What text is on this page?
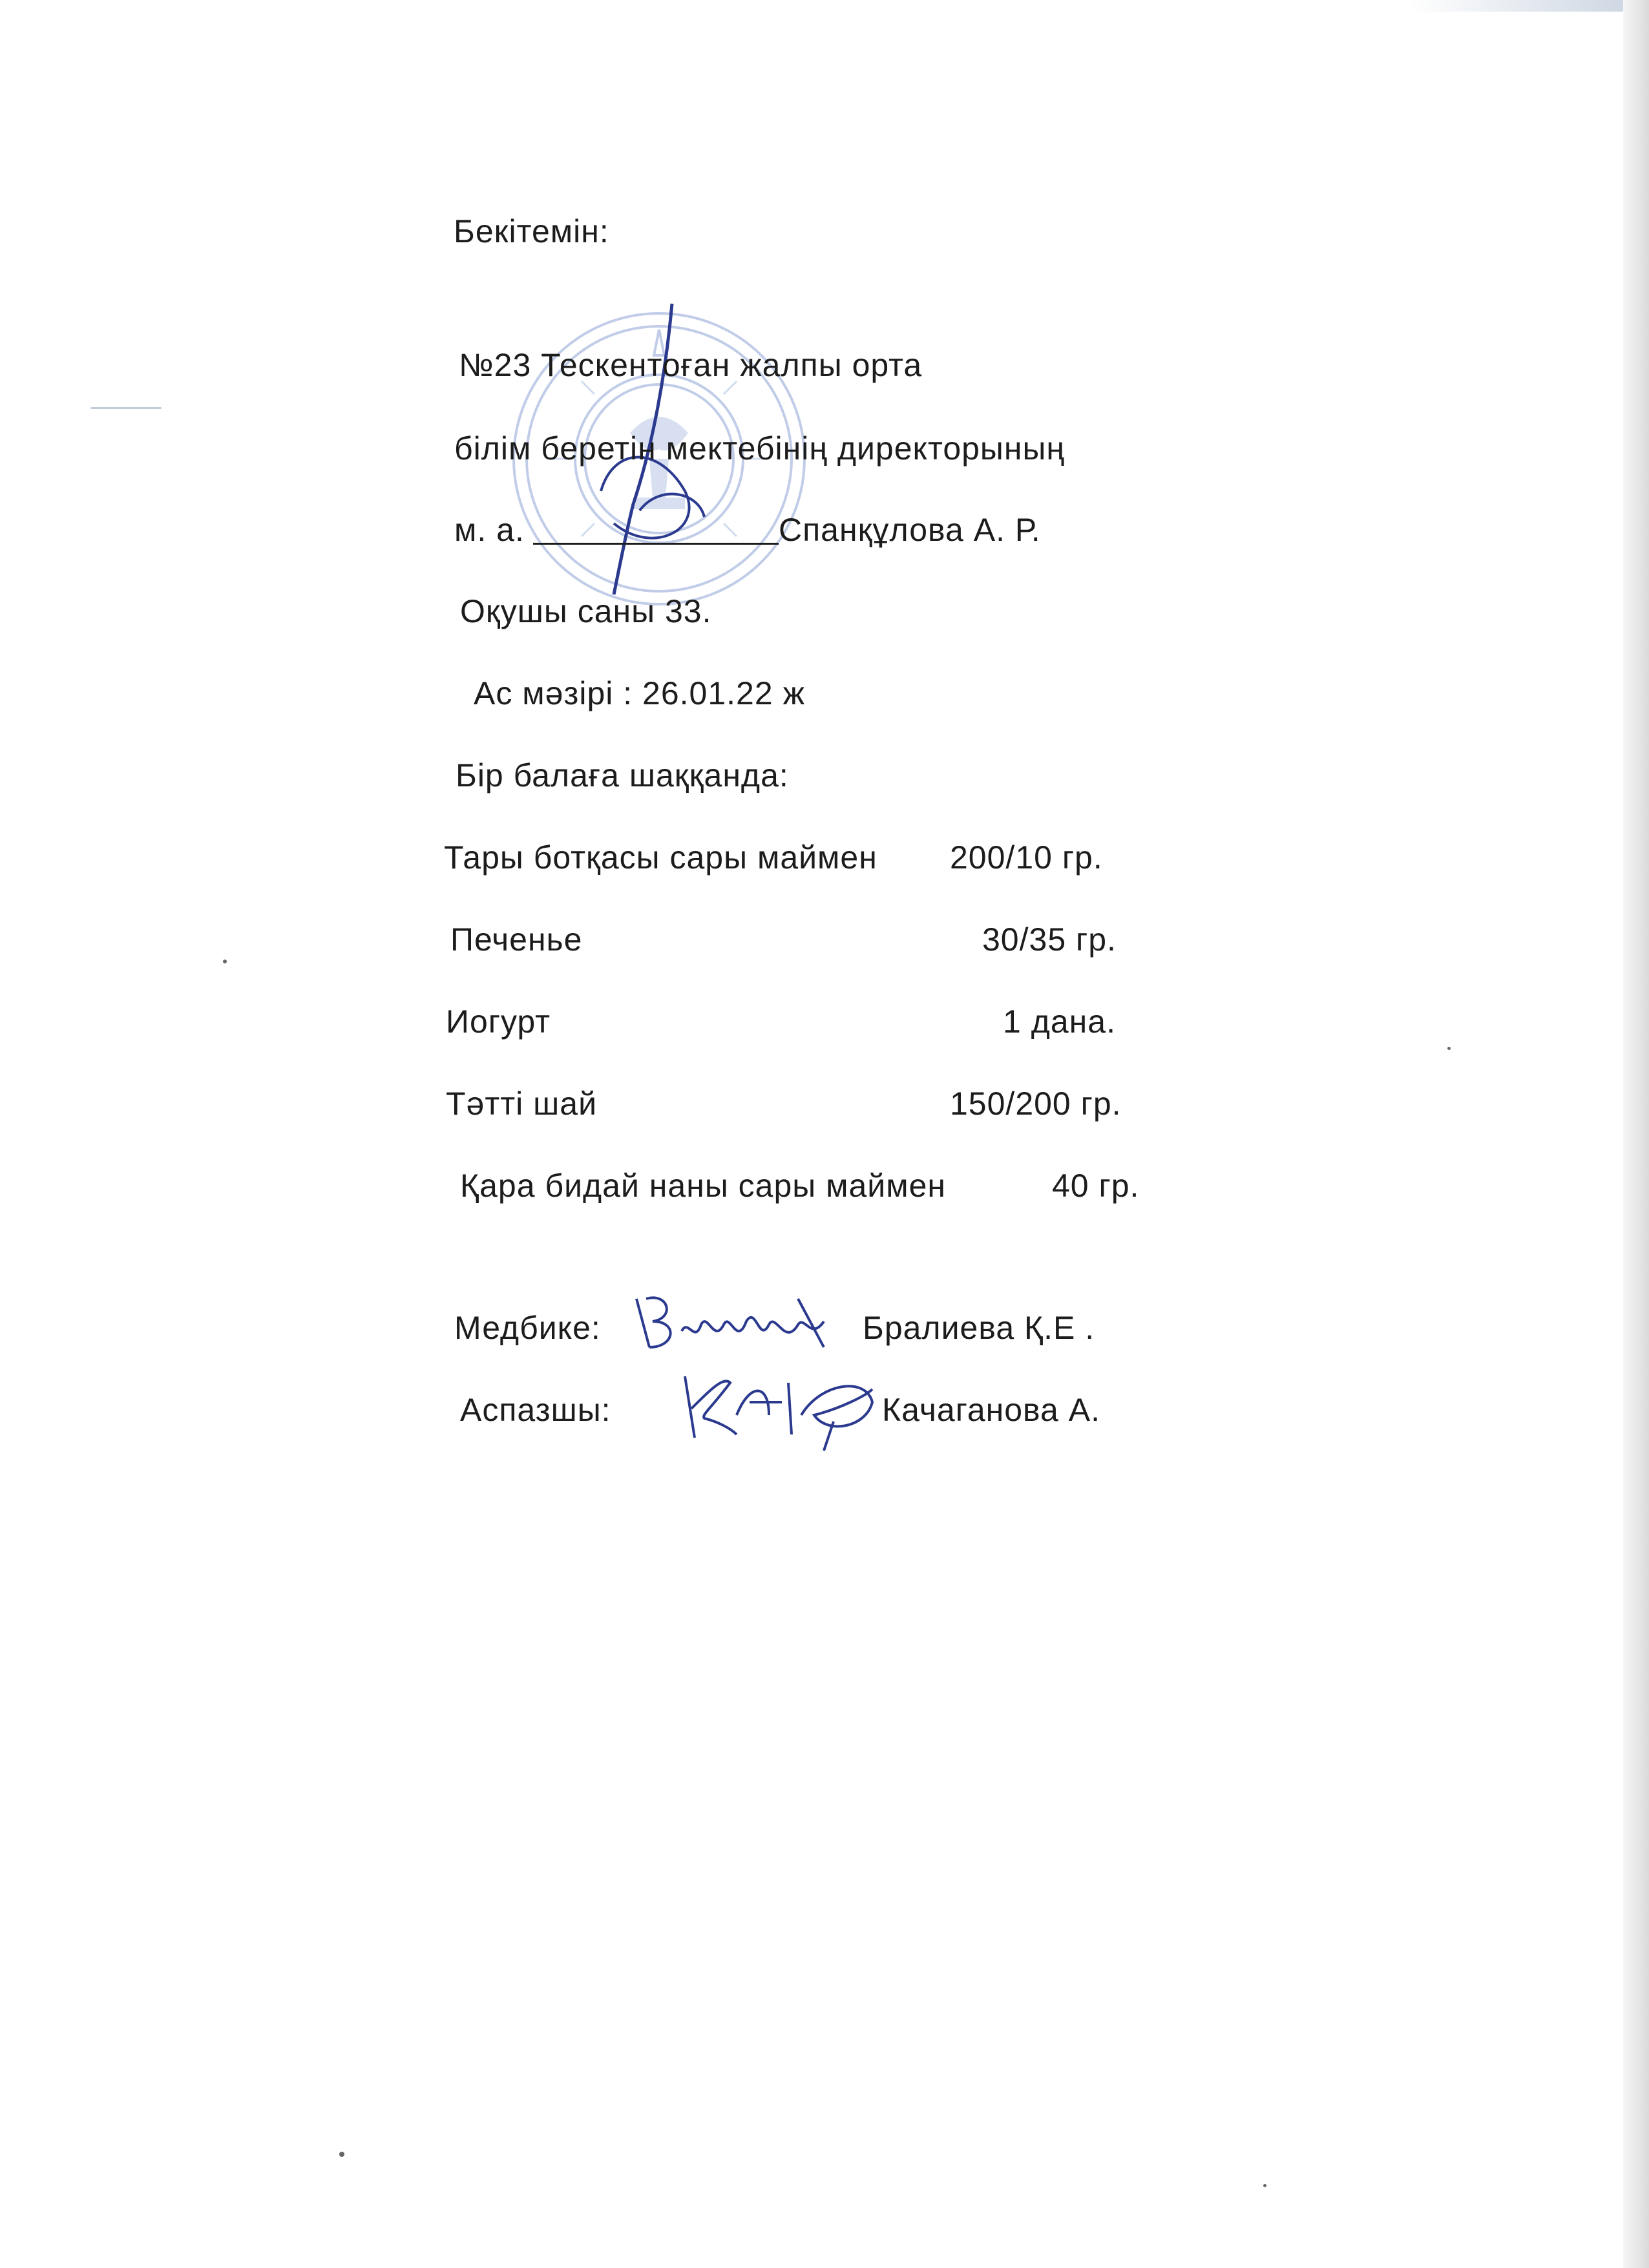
Бекітемін:
№23 Тескентоған жалпы орта
білім беретін мектебінің директорының
м. а.	Спанқұлова А. Р.
Оқушы саны 33.
Ас мәзірі : 26.01.22 ж
Бір балаға шаққанда:
Тары ботқасы сары маймен 200/10 гр.
Печенье	30/35 гр.
Иогурт	1 дана.
Тәтті шай	150/200 гр.
Қара бидай наны сары маймен	40 гр.
Медбике:	Бралиева Қ.Е .
Аспазшы:	Качаганова А.
